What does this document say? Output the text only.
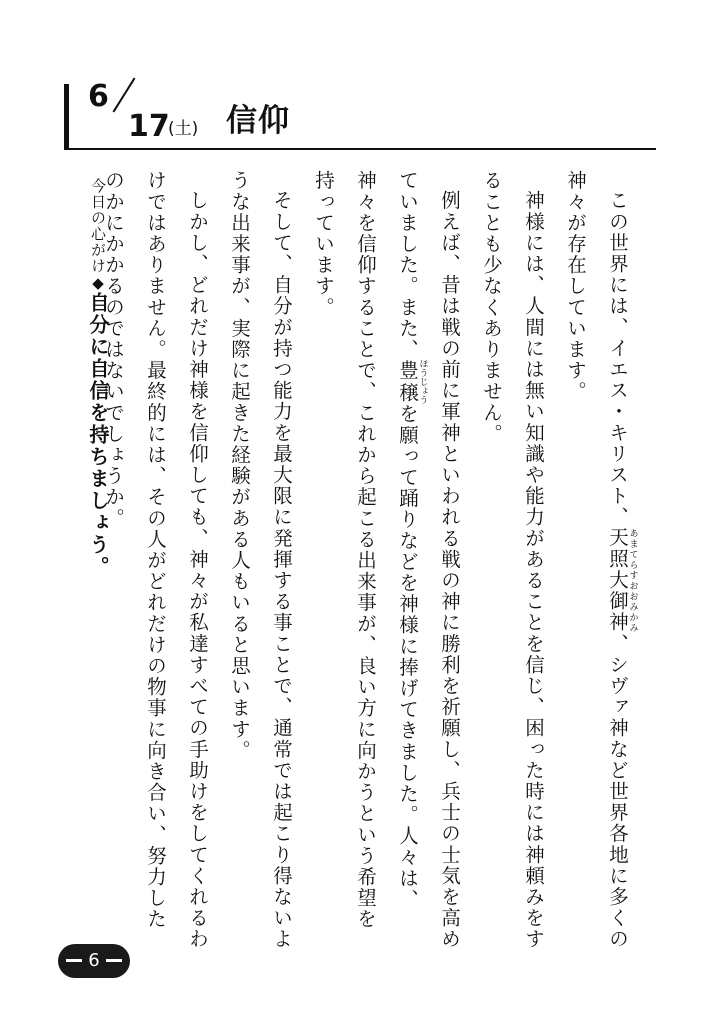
6
17
(土) 信仰

この世界には、イエス・キリスト、天照大御神あまてらすおおみかみ、シヴァ神など世界各地に多くの神々が存在しています。

神様には、人間には無い知識や能力があることを信じ、困った時には神頼みをすることも少なくありません。

例えば、昔は戦の前に軍神といわれる戦の神に勝利を祈願し、兵士の士気を高めていました。また、豊穣ほうじょうを願って踊りなどを神様に捧げてきました。人々は、神々を信仰することで、これから起こる出来事が、良い方に向かうという希望を持っています。

そして、自分が持つ能力を最大限に発揮する事ことで、通常では起こり得ないような出来事が、実際に起きた経験がある人もいると思います。

しかし、どれだけ神様を信仰しても、神々が私達すべての手助けをしてくれるわけではありません。最終的には、その人がどれだけの物事に向き合い、努力したのかにかかるのではないでしょうか。

今日の心がけ◆自分に自信を持ちましょう。
6
